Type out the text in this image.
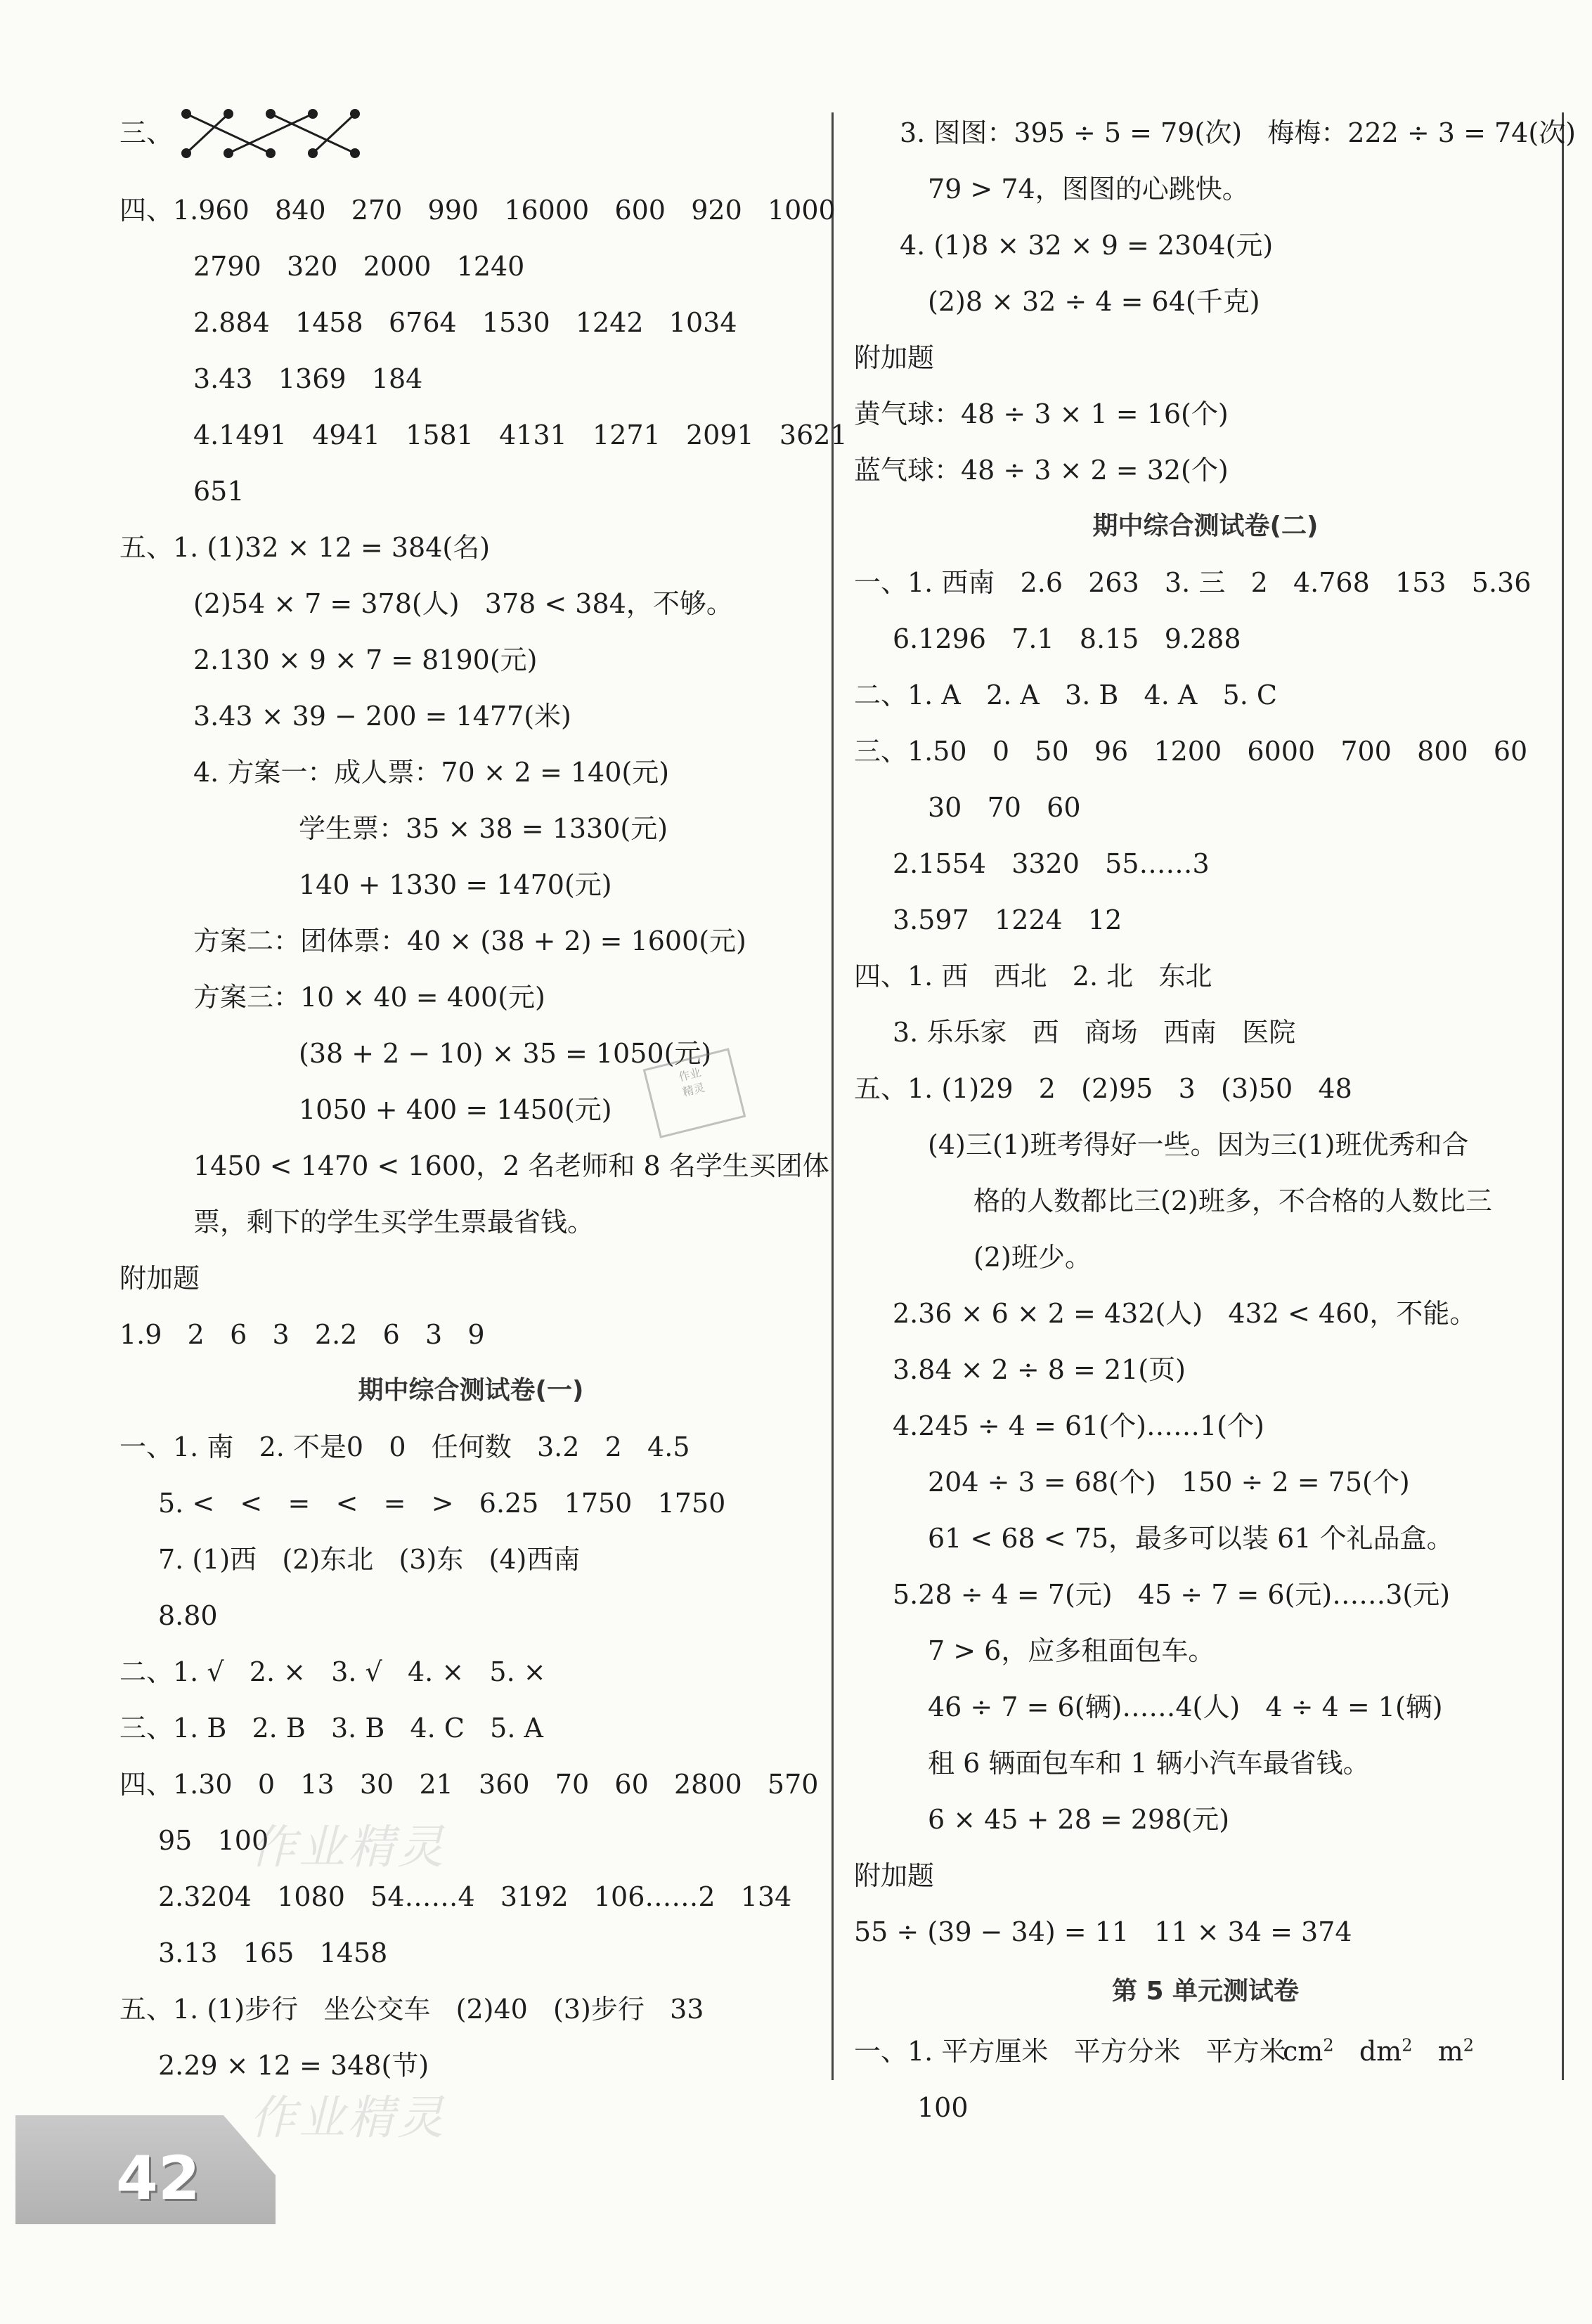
三、
期中综合测试卷(一)
四、1.960   840   270   990   16000   600   920   1000
2790   320   2000   1240
2.884   1458   6764   1530   1242   1034
3.43   1369   184
4.1491   4941   1581   4131   1271   2091   3621
651
五、1. (1)32 × 12 = 384(名)
(2)54 × 7 = 378(人)   378 < 384，不够。
2.130 × 9 × 7 = 8190(元)
3.43 × 39 − 200 = 1477(米)
4. 方案一：成人票：70 × 2 = 140(元)
学生票：35 × 38 = 1330(元)
140 + 1330 = 1470(元)
方案二：团体票：40 × (38 + 2) = 1600(元)
方案三：10 × 40 = 400(元)
(38 + 2 − 10) × 35 = 1050(元)
1050 + 400 = 1450(元)
1450 < 1470 < 1600，2 名老师和 8 名学生买团体
票，剩下的学生买学生票最省钱。
附加题
1.9   2   6   3   2.2   6   3   9
一、1. 南   2. 不是0   0   任何数   3.2   2   4.5
5. <   <   =   <   =   >   6.25   1750   1750
7. (1)西   (2)东北   (3)东   (4)西南
8.80
二、1. √   2. ×   3. √   4. ×   5. ×
三、1. B   2. B   3. B   4. C   5. A
四、1.30   0   13   30   21   360   70   60   2800   570
95   100
2.3204   1080   54……4   3192   106……2   134
3.13   165   1458
五、1. (1)步行   坐公交车   (2)40   (3)步行   33
2.29 × 12 = 348(节)
期中综合测试卷(二)
第 5 单元测试卷
$cm^2$ $dm^2$ $m^2$
3. 图图：395 ÷ 5 = 79(次)   梅梅：222 ÷ 3 = 74(次)
79 > 74，图图的心跳快。
4. (1)8 × 32 × 9 = 2304(元)
(2)8 × 32 ÷ 4 = 64(千克)
附加题
黄气球：48 ÷ 3 × 1 = 16(个)
蓝气球：48 ÷ 3 × 2 = 32(个)
一、1. 西南   2.6   263   3. 三   2   4.768   153   5.36
6.1296   7.1   8.15   9.288
二、1. A   2. A   3. B   4. A   5. C
三、1.50   0   50   96   1200   6000   700   800   60
30   70   60
2.1554   3320   55……3
3.597   1224   12
四、1. 西   西北   2. 北   东北
3. 乐乐家   西   商场   西南   医院
五、1. (1)29   2   (2)95   3   (3)50   48
(4)三(1)班考得好一些。因为三(1)班优秀和合
格的人数都比三(2)班多，不合格的人数比三
(2)班少。
2.36 × 6 × 2 = 432(人)   432 < 460，不能。
3.84 × 2 ÷ 8 = 21(页)
4.245 ÷ 4 = 61(个)……1(个)
204 ÷ 3 = 68(个)   150 ÷ 2 = 75(个)
61 < 68 < 75，最多可以装 61 个礼品盒。
5.28 ÷ 4 = 7(元)   45 ÷ 7 = 6(元)……3(元)
7 > 6，应多租面包车。
46 ÷ 7 = 6(辆)……4(人)   4 ÷ 4 = 1(辆)
租 6 辆面包车和 1 辆小汽车最省钱。
6 × 45 + 28 = 298(元)
附加题
55 ÷ (39 − 34) = 11   11 × 34 = 374
一、1. 平方厘米   平方分米   平方米
100
作业
精灵
作业精灵
作业精灵
42
